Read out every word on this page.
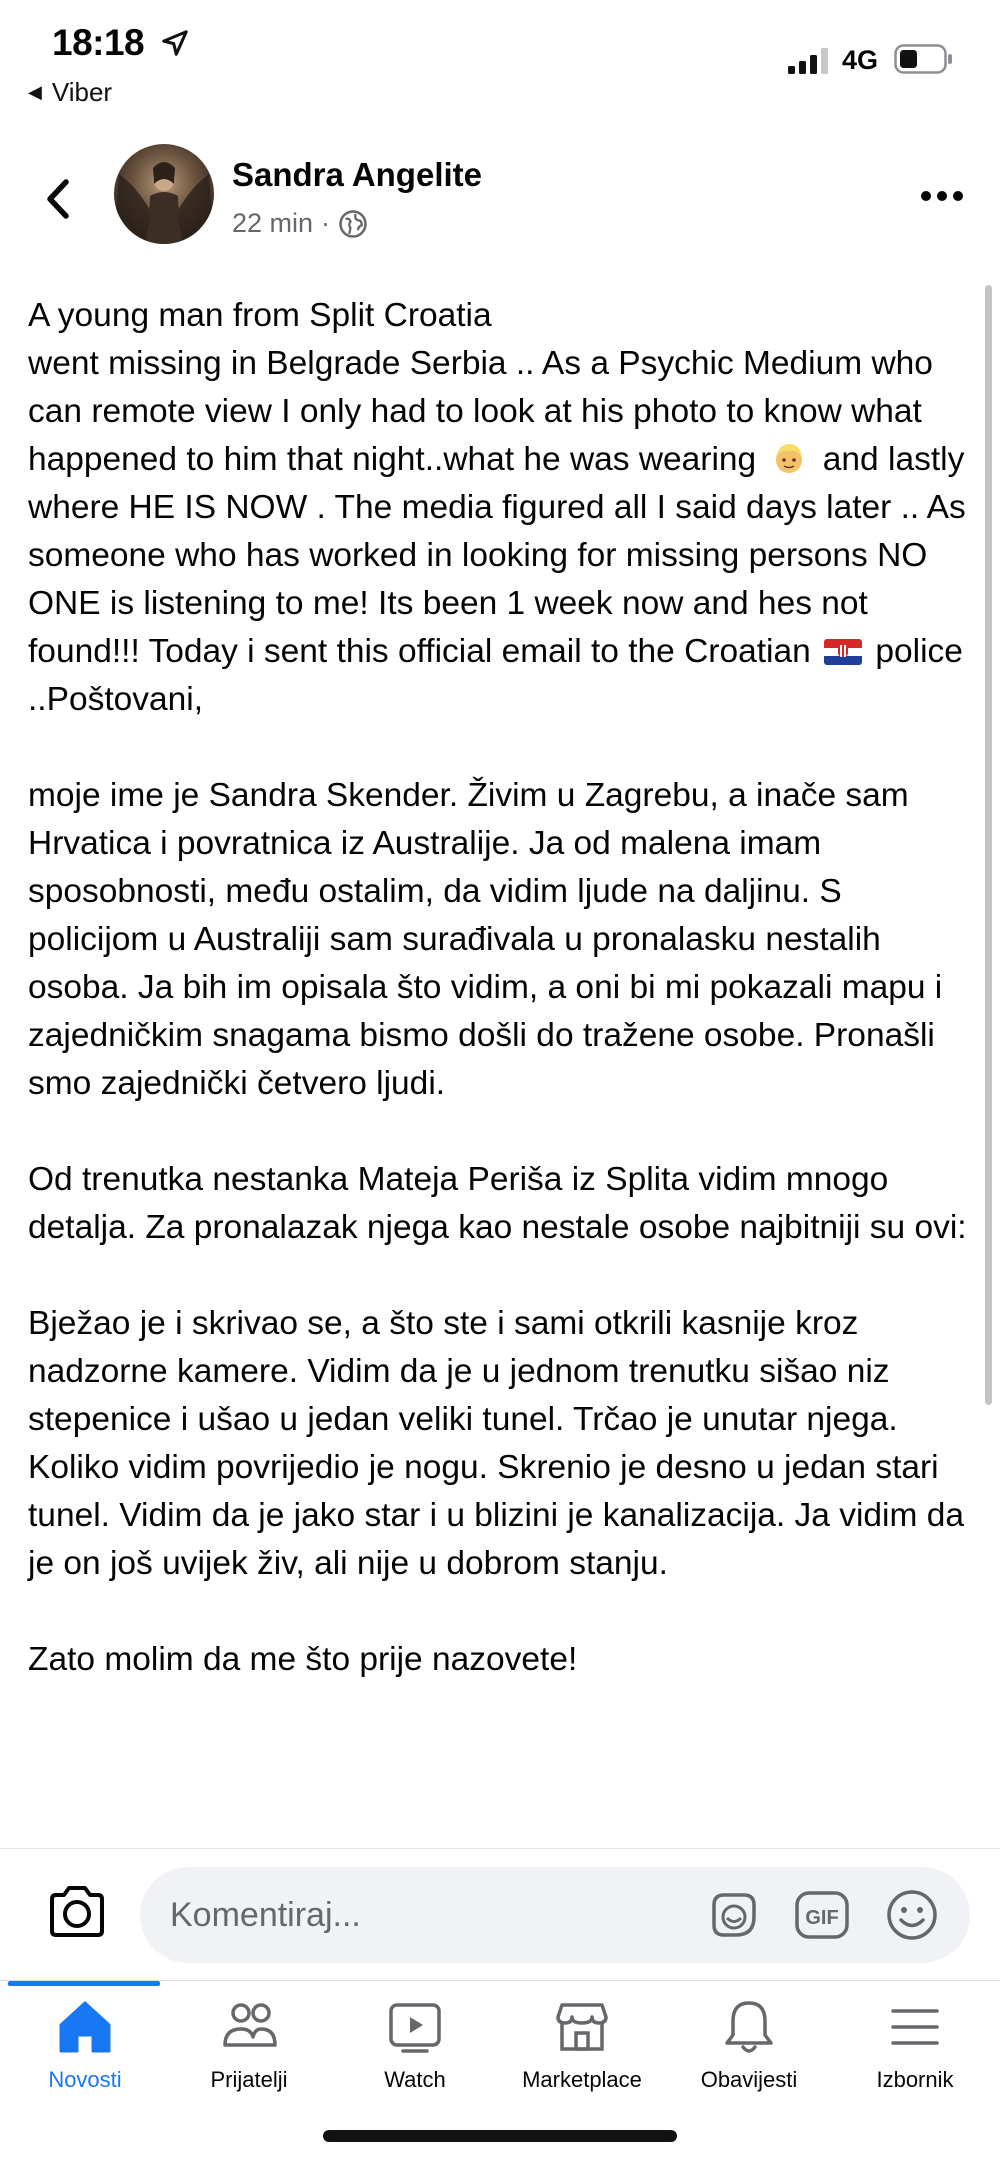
18:18
◀ Viber
4G
Sandra Angelite
22 min ·

A young man from Split Croatia

went missing in Belgrade Serbia .. As a Psychic Medium who can remote view I only had to look at his photo to know what happened to him that night..what he was wearing and lastly where HE IS NOW . The media figured all I said days later .. As someone who has worked in looking for missing persons NO ONE is listening to me! Its been 1 week now and hes not found!!! Today i sent this official email to the Croatian police ..Poštovani,

moje ime je Sandra Skender. Živim u Zagrebu, a inače sam Hrvatica i povratnica iz Australije. Ja od malena imam sposobnosti, među ostalim, da vidim ljude na daljinu. S policijom u Australiji sam surađivala u pronalasku nestalih osoba. Ja bih im opisala što vidim, a oni bi mi pokazali mapu i zajedničkim snagama bismo došli do tražene osobe. Pronašli smo zajednički četvero ljudi.

Od trenutka nestanka Mateja Periša iz Splita vidim mnogo detalja. Za pronalazak njega kao nestale osobe najbitniji su ovi:

Bježao je i skrivao se, a što ste i sami otkrili kasnije kroz nadzorne kamere. Vidim da je u jednom trenutku sišao niz stepenice i ušao u jedan veliki tunel. Trčao je unutar njega. Koliko vidim povrijedio je nogu. Skrenio je desno u jedan stari tunel. Vidim da je jako star i u blizini je kanalizacija. Ja vidim da je on još uvijek živ, ali nije u dobrom stanju.

Zato molim da me što prije nazovete!

Komentiraj...
GIF
Novosti	Prijatelji	Watch	Marketplace	Obavijesti	Izbornik
